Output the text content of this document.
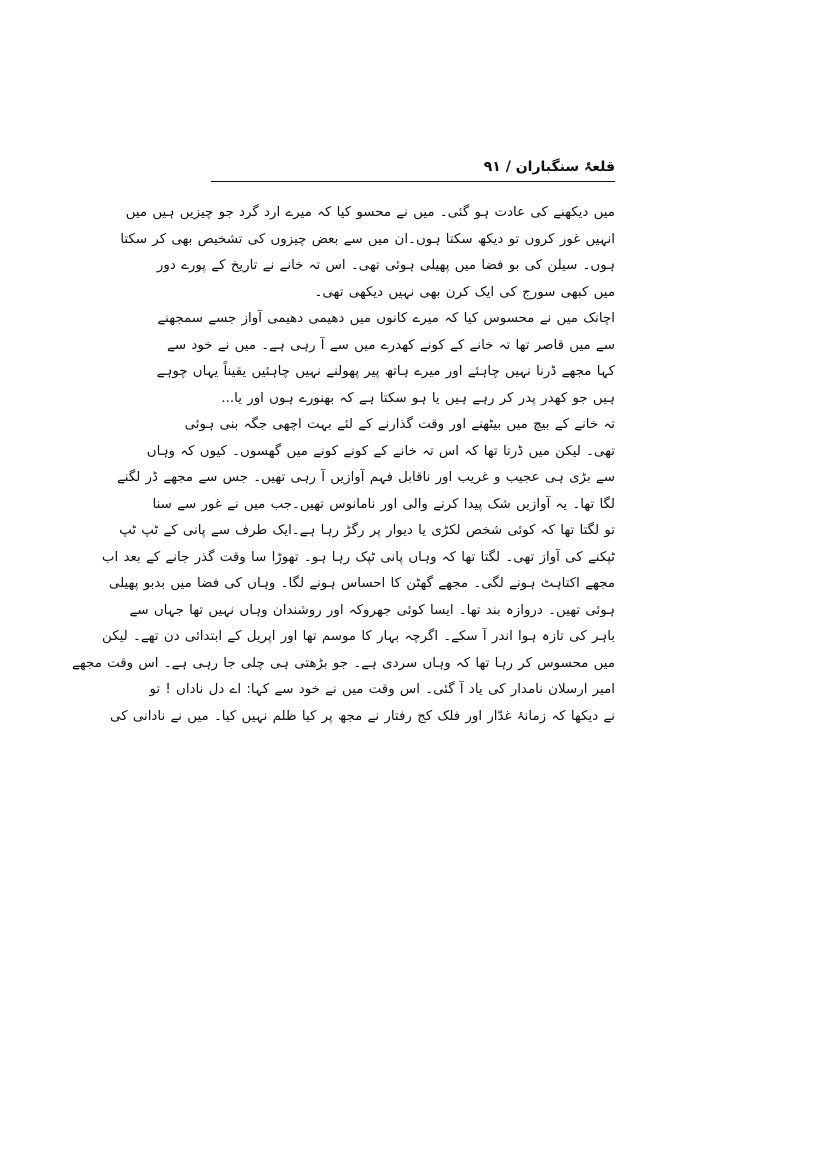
قلعۂ سنگباران / ۹۱
میں دیکھنے کی عادت ہو گئی۔ میں نے محسو کیا کہ میرے ارد گرد جو چیزیں ہیں میں
انہیں غور کروں تو دیکھ سکتا ہوں۔ان میں سے بعض چیزوں کی تشخیص بھی کر سکتا
ہوں۔ سیلن کی بو فضا میں پھیلی ہوئی تھی۔ اس تہ خانے نے تاریخ کے پورے دور
میں کبھی سورج کی ایک کرن بھی نہیں دیکھی تھی۔
اچانک میں نے محسوس کیا کہ میرے کانوں میں دھیمی دھیمی آواز جسے سمجھنے
سے میں قاصر تھا تہ خانے کے کونے کھدرے میں سے آ رہی ہے۔ میں نے خود سے
کہا مجھے ڈرنا نہیں چاہئے اور میرے ہاتھ پیر پھولنے نہیں چاہئیں یقیناً یہاں چوہے
ہیں جو کھدر پدر کر رہے ہیں یا ہو سکتا ہے کہ بھنورے ہوں اور یا...
تہ خانے کے بیچ میں بیٹھنے اور وقت گذارنے کے لئے بہت اچھی جگہ بنی ہوئی
تھی۔ لیکن میں ڈرتا تھا کہ اس تہ خانے کے کونے کونے میں گھسوں۔ کیوں کہ وہاں
سے بڑی ہی عجیب و غریب اور ناقابل فہم آوازیں آ رہی تھیں۔ جس سے مجھے ڈر لگنے
لگا تھا۔ یہ آوازیں شک پیدا کرنے والی اور نامانوس تھیں۔جب میں نے غور سے سنا
تو لگتا تھا کہ کوئی شخص لکڑی یا دیوار پر رگڑ رہا ہے۔ایک طرف سے پانی کے ٹپ ٹپ
ٹپکنے کی آواز تھی۔ لگتا تھا کہ وہاں پانی ٹپک رہا ہو۔ تھوڑا سا وقت گذر جانے کے بعد اب
مجھے اکتاہٹ ہونے لگی۔ مجھے گھٹن کا احساس ہونے لگا۔ وہاں کی فضا میں بدبو پھیلی
ہوئی تھیں۔ دروازہ بند تھا۔ ایسا کوئی جھروکہ اور روشندان وہاں نہیں تھا جہاں سے
باہر کی تازہ ہوا اندر آ سکے۔ اگرچہ بہار کا موسم تھا اور اپریل کے ابتدائی دن تھے۔ لیکن
میں محسوس کر رہا تھا کہ وہاں سردی ہے۔ جو بڑھتی ہی چلی جا رہی ہے۔ اس وقت مجھے
امیر ارسلان نامدار کی یاد آ گئی۔ اس وقت میں نے خود سے کہا: اے دل ناداں ! تو
نے دیکھا کہ زمانۂ غدّار اور فلک کج رفتار نے مجھ پر کیا ظلم نہیں کیا۔ میں نے نادانی کی
